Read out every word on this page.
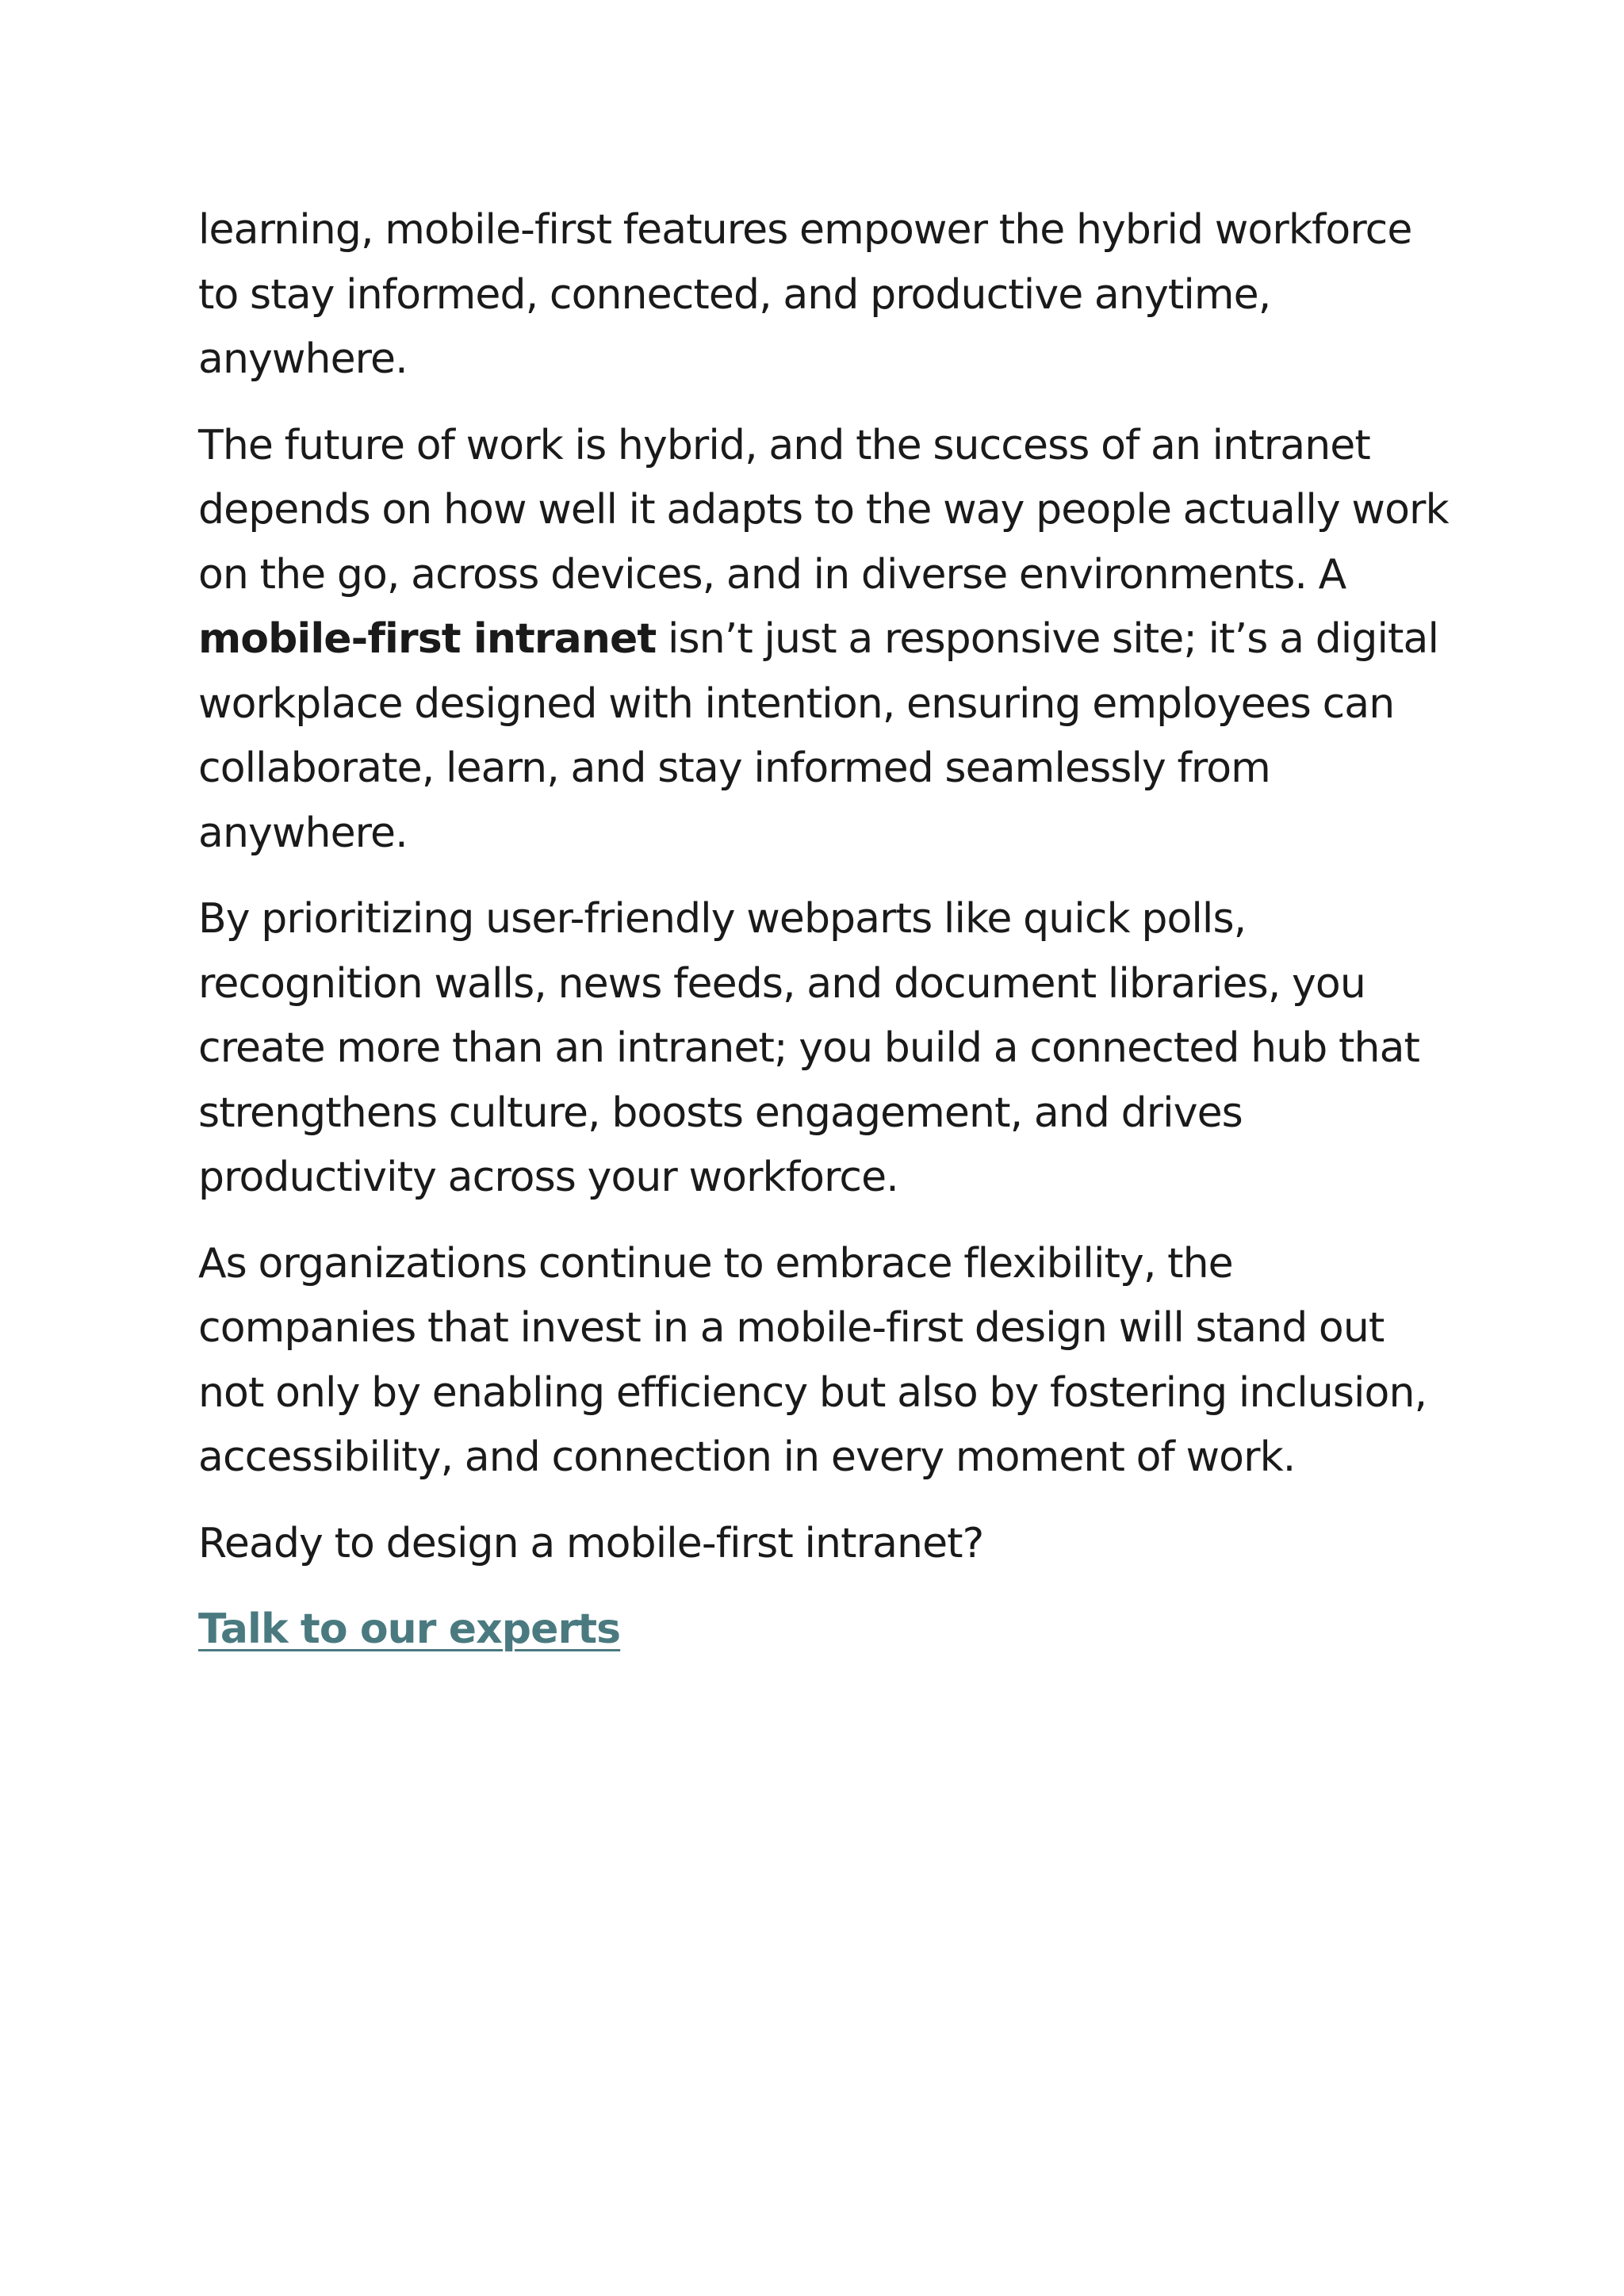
learning, mobile-first features empower the hybrid workforce to stay informed, connected, and productive anytime, anywhere.

The future of work is hybrid, and the success of an intranet depends on how well it adapts to the way people actually work on the go, across devices, and in diverse environments. A mobile-first intranet isn’t just a responsive site; it’s a digital workplace designed with intention, ensuring employees can collaborate, learn, and stay informed seamlessly from anywhere.

By prioritizing user-friendly webparts like quick polls, recognition walls, news feeds, and document libraries, you create more than an intranet; you build a connected hub that strengthens culture, boosts engagement, and drives productivity across your workforce.

As organizations continue to embrace flexibility, the companies that invest in a mobile-first design will stand out not only by enabling efficiency but also by fostering inclusion, accessibility, and connection in every moment of work.

Ready to design a mobile-first intranet?

Talk to our experts
